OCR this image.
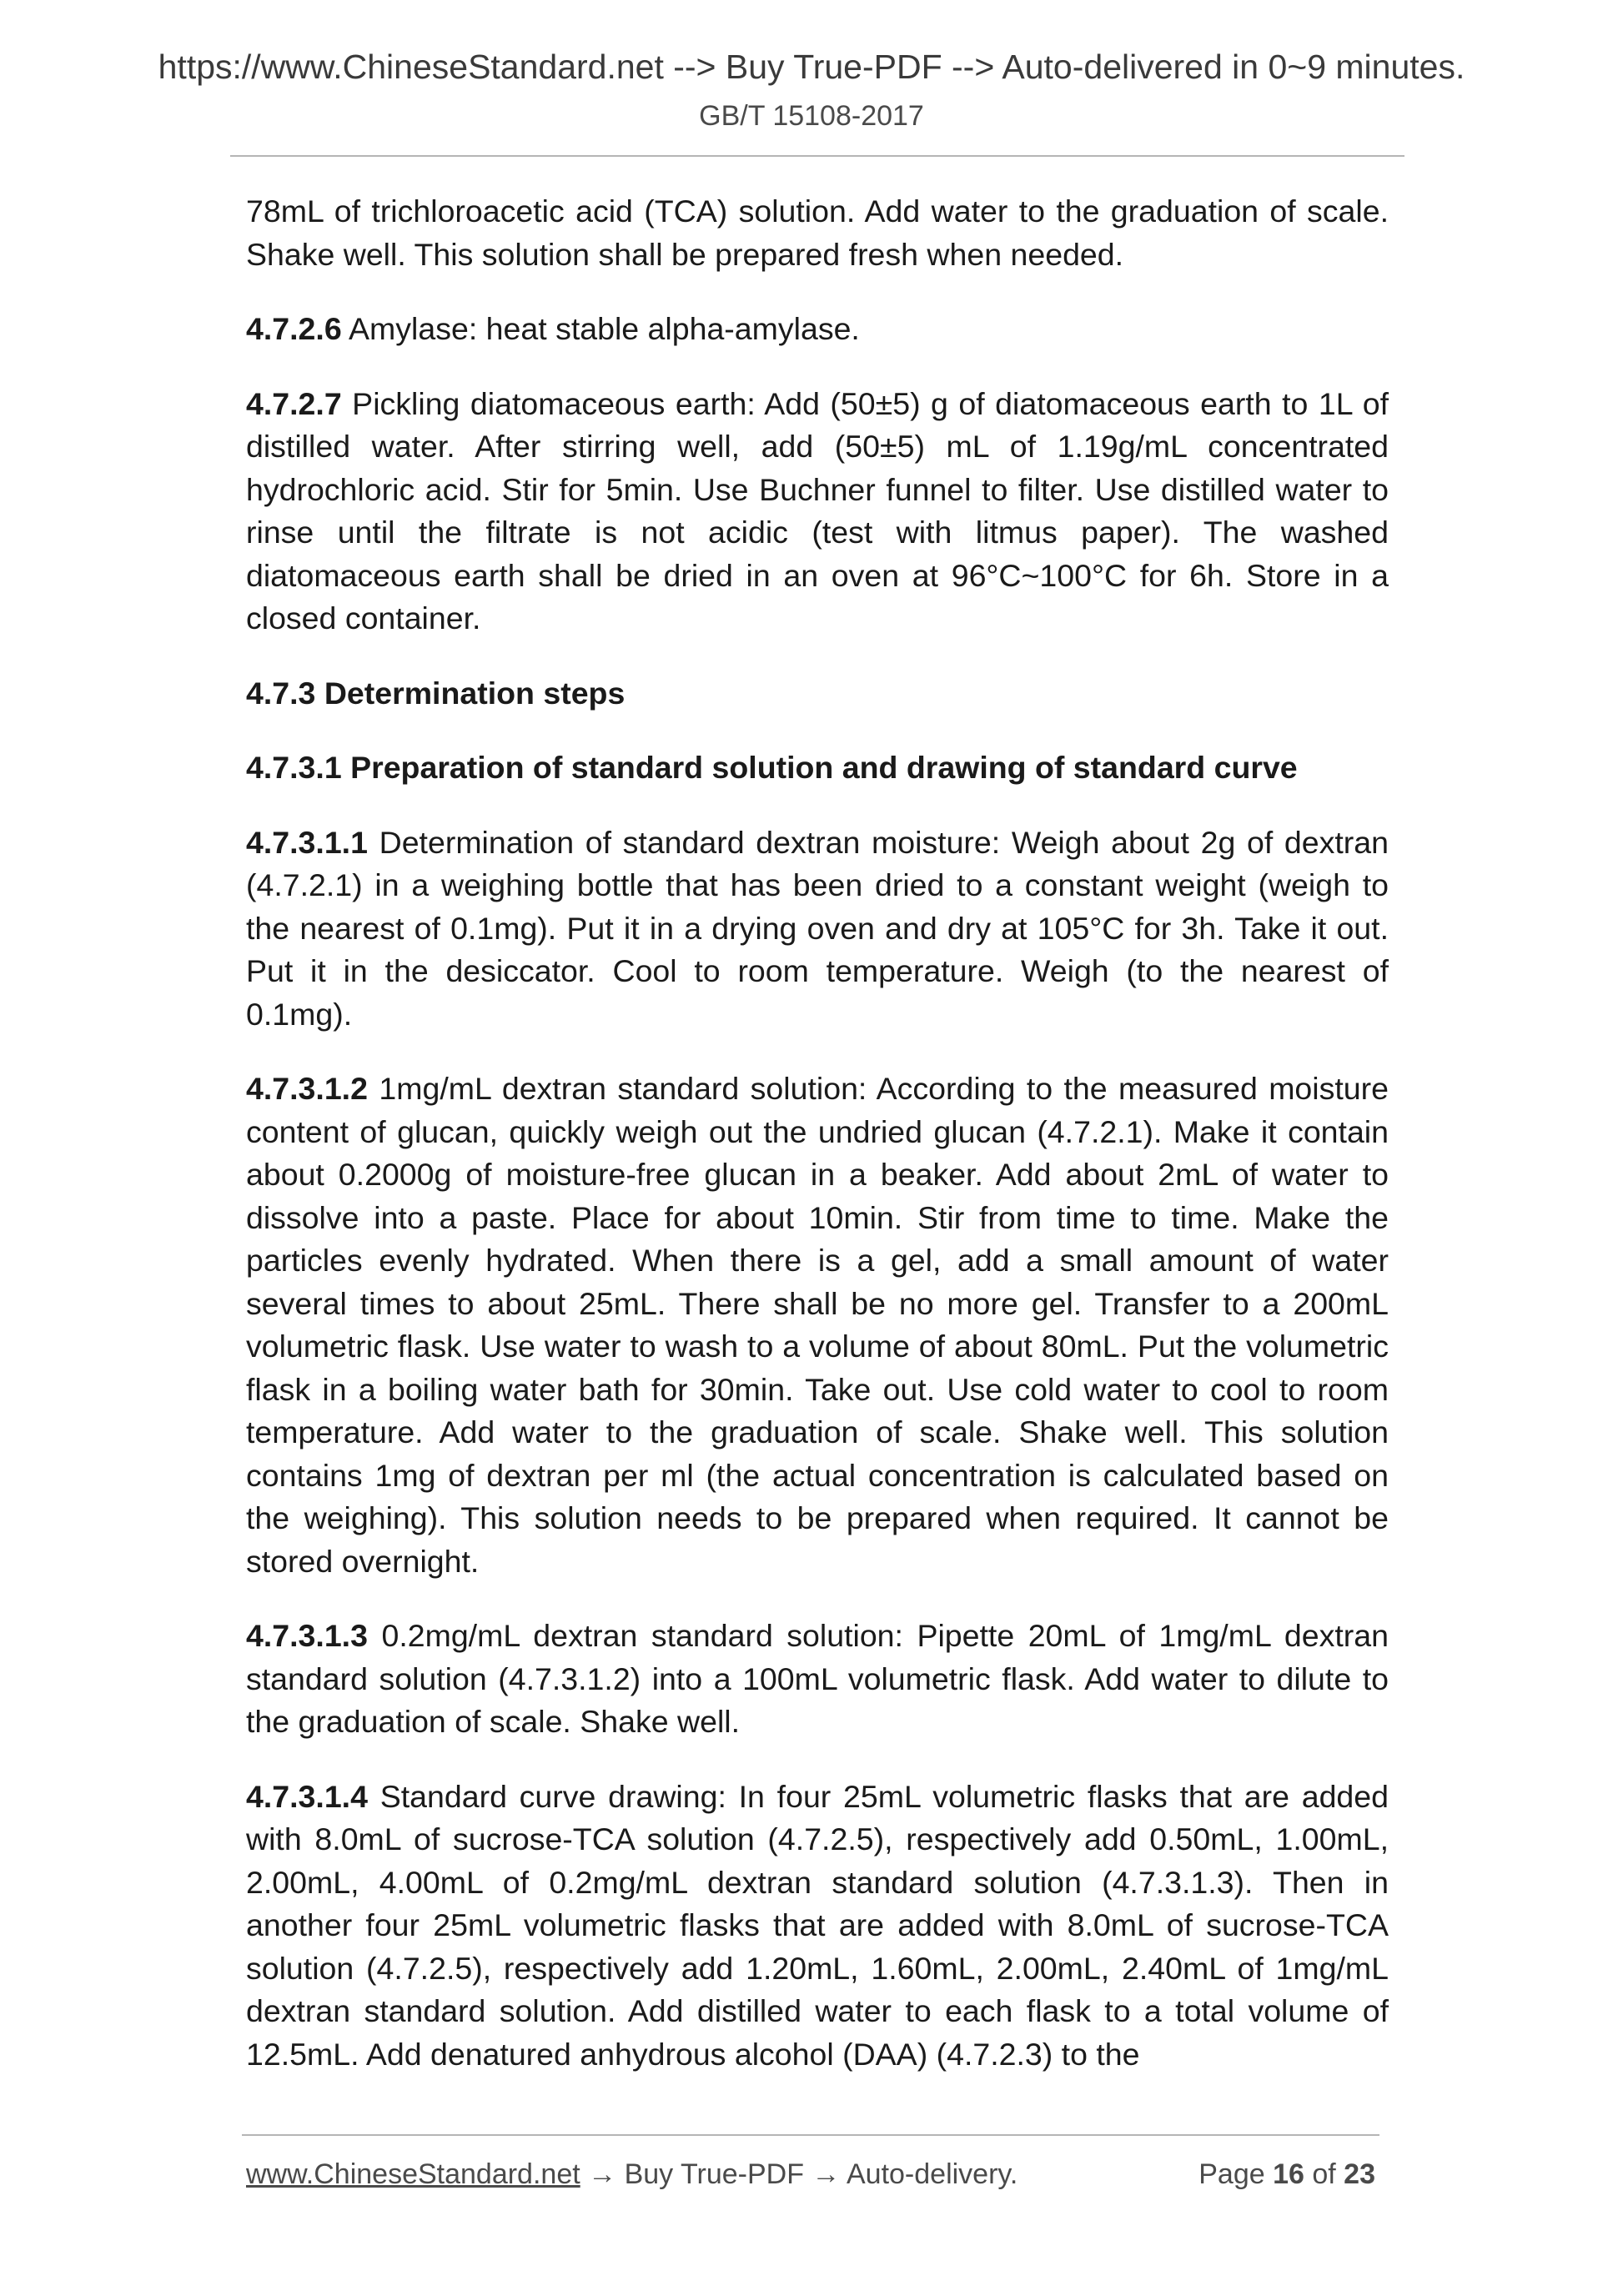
https://www.ChineseStandard.net --> Buy True-PDF --> Auto-delivered in 0~9 minutes.
GB/T 15108-2017

78mL of trichloroacetic acid (TCA) solution. Add water to the graduation of scale. Shake well. This solution shall be prepared fresh when needed.

4.7.2.6 Amylase: heat stable alpha-amylase.

4.7.2.7 Pickling diatomaceous earth: Add (50±5) g of diatomaceous earth to 1L of distilled water. After stirring well, add (50±5) mL of 1.19g/mL concentrated hydrochloric acid. Stir for 5min. Use Buchner funnel to filter. Use distilled water to rinse until the filtrate is not acidic (test with litmus paper). The washed diatomaceous earth shall be dried in an oven at 96°C~100°C for 6h. Store in a closed container.

4.7.3 Determination steps

4.7.3.1 Preparation of standard solution and drawing of standard curve

4.7.3.1.1 Determination of standard dextran moisture: Weigh about 2g of dextran (4.7.2.1) in a weighing bottle that has been dried to a constant weight (weigh to the nearest of 0.1mg). Put it in a drying oven and dry at 105°C for 3h. Take it out. Put it in the desiccator. Cool to room temperature. Weigh (to the nearest of 0.1mg).

4.7.3.1.2 1mg/mL dextran standard solution: According to the measured moisture content of glucan, quickly weigh out the undried glucan (4.7.2.1). Make it contain about 0.2000g of moisture-free glucan in a beaker. Add about 2mL of water to dissolve into a paste. Place for about 10min. Stir from time to time. Make the particles evenly hydrated. When there is a gel, add a small amount of water several times to about 25mL. There shall be no more gel. Transfer to a 200mL volumetric flask. Use water to wash to a volume of about 80mL. Put the volumetric flask in a boiling water bath for 30min. Take out. Use cold water to cool to room temperature. Add water to the graduation of scale. Shake well. This solution contains 1mg of dextran per ml (the actual concentration is calculated based on the weighing). This solution needs to be prepared when required. It cannot be stored overnight.

4.7.3.1.3 0.2mg/mL dextran standard solution: Pipette 20mL of 1mg/mL dextran standard solution (4.7.3.1.2) into a 100mL volumetric flask. Add water to dilute to the graduation of scale. Shake well.

4.7.3.1.4 Standard curve drawing: In four 25mL volumetric flasks that are added with 8.0mL of sucrose-TCA solution (4.7.2.5), respectively add 0.50mL, 1.00mL, 2.00mL, 4.00mL of 0.2mg/mL dextran standard solution (4.7.3.1.3). Then in another four 25mL volumetric flasks that are added with 8.0mL of sucrose-TCA solution (4.7.2.5), respectively add 1.20mL, 1.60mL, 2.00mL, 2.40mL of 1mg/mL dextran standard solution. Add distilled water to each flask to a total volume of 12.5mL. Add denatured anhydrous alcohol (DAA) (4.7.2.3) to the

www.ChineseStandard.net → Buy True-PDF → Auto-delivery.	Page 16 of 23
